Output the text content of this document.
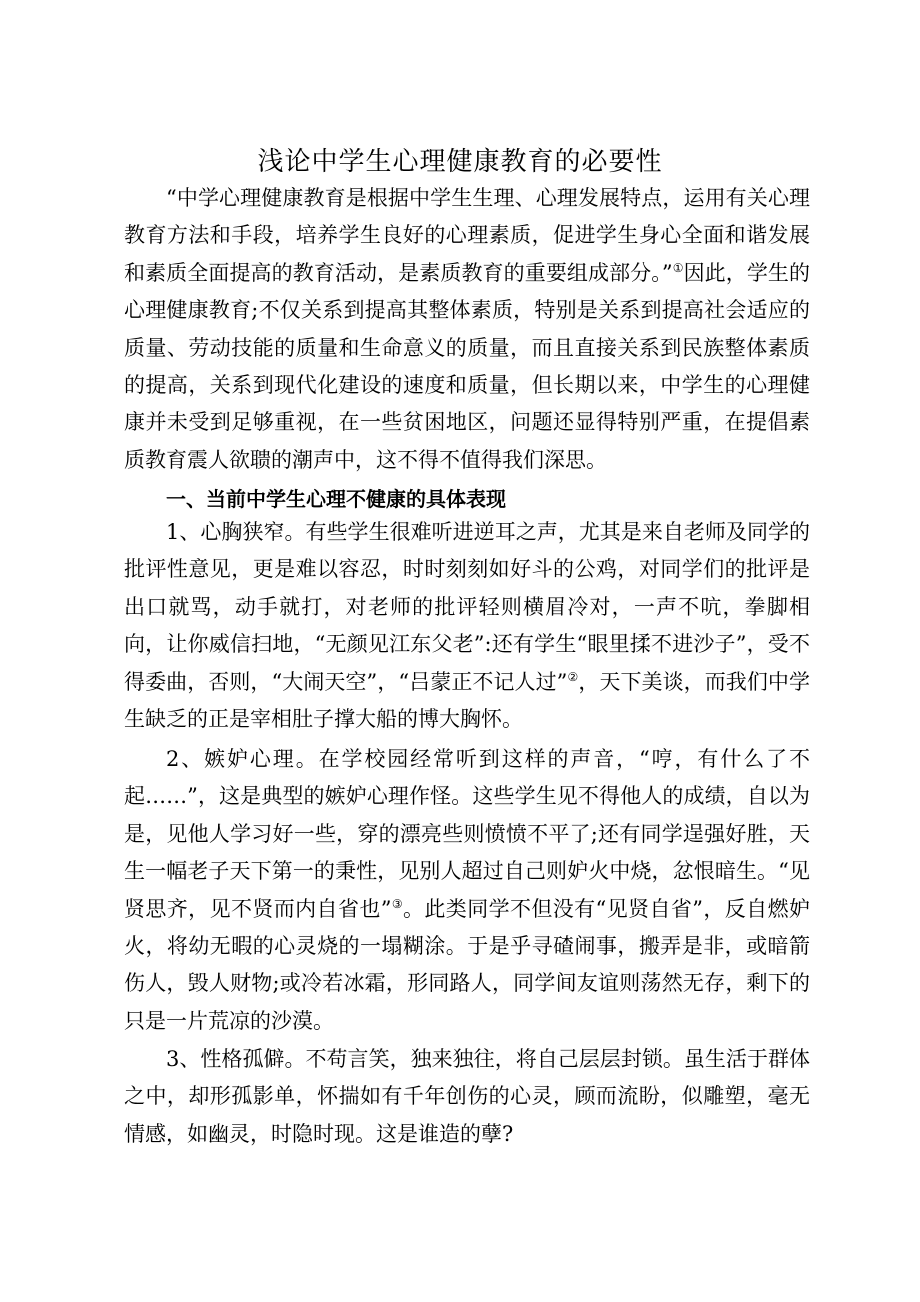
浅论中学生心理健康教育的必要性

“中学心理健康教育是根据中学生生理、心理发展特点，运用有关心理教育方法和手段，培养学生良好的心理素质，促进学生身心全面和谐发展和素质全面提高的教育活动，是素质教育的重要组成部分。”①因此，学生的心理健康教育;不仅关系到提高其整体素质，特别是关系到提高社会适应的质量、劳动技能的质量和生命意义的质量，而且直接关系到民族整体素质的提高，关系到现代化建设的速度和质量，但长期以来，中学生的心理健康并未受到足够重视，在一些贫困地区，问题还显得特别严重，在提倡素质教育震人欲聩的潮声中，这不得不值得我们深思。

一、当前中学生心理不健康的具体表现

1、心胸狭窄。有些学生很难听进逆耳之声，尤其是来自老师及同学的批评性意见，更是难以容忍，时时刻刻如好斗的公鸡，对同学们的批评是出口就骂，动手就打，对老师的批评轻则横眉冷对，一声不吭，拳脚相向，让你威信扫地，“无颜见江东父老”:还有学生“眼里揉不进沙子”，受不得委曲，否则，“大闹天空”，“吕蒙正不记人过”②，天下美谈，而我们中学生缺乏的正是宰相肚子撑大船的博大胸怀。

2、嫉妒心理。在学校园经常听到这样的声音，“哼，有什么了不起……”，这是典型的嫉妒心理作怪。这些学生见不得他人的成绩，自以为是，见他人学习好一些，穿的漂亮些则愤愤不平了;还有同学逞强好胜，天生一幅老子天下第一的秉性，见别人超过自己则妒火中烧，忿恨暗生。“见贤思齐，见不贤而内自省也”③。此类同学不但没有“见贤自省”，反自燃妒火，将幼无暇的心灵烧的一塌糊涂。于是乎寻碴闹事，搬弄是非，或暗箭伤人，毁人财物;或冷若冰霜，形同路人，同学间友谊则荡然无存，剩下的只是一片荒凉的沙漠。

3、性格孤僻。不苟言笑，独来独往，将自己层层封锁。虽生活于群体之中，却形孤影单，怀揣如有千年创伤的心灵，顾而流盼，似雕塑，毫无情感，如幽灵，时隐时现。这是谁造的孽?
